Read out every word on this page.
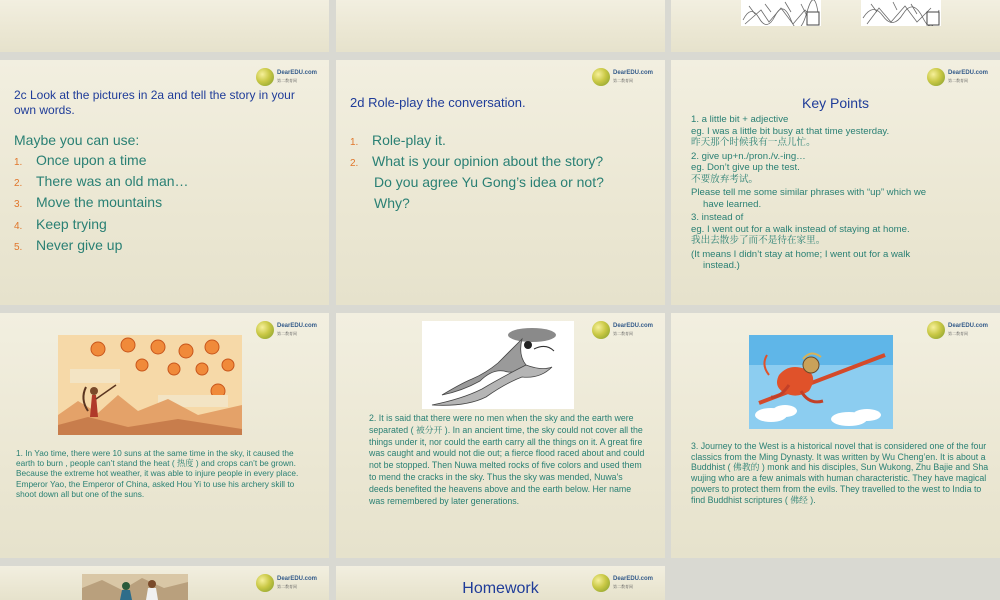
DearEDU.com
第二教育网
2c Look at the pictures in 2a and tell the story in your own words.
Maybe you can use:
1. Once upon a time
2. There was an old man…
3. Move the mountains
4. Keep trying
5. Never give up
DearEDU.com
第二教育网
2d Role-play the conversation.
1. Role-play it.
2. What is your opinion about the story?
Do you agree Yu Gong’s idea or not?
Why?
DearEDU.com
第二教育网
Key Points
1. a little bit + adjective
eg. I was a little bit busy at that time yesterday.
昨天那个时候我有一点儿忙。
2. give up+n./pron./v.-ing…
eg. Don’t give up the test.
不要放弃考试。
Please tell me some similar phrases with “up” which we
have learned.
3. instead of
eg. I went out for a walk instead of staying at home.
我出去散步了而不是待在家里。
(It means I didn’t stay at home; I went out for a walk
instead.)
DearEDU.com
第二教育网
1. In Yao time, there were 10 suns at the same time in the sky, it caused the earth to burn , people can’t stand the heat ( 热度 ) and crops can’t be grown. Because the extreme hot weather, it was able to injure people in every place. Emperor Yao, the Emperor of China, asked Hou Yi to use his archery skill to shoot down all but one of the suns.
DearEDU.com
第二教育网
2. It is said that there were no men when the sky and the earth were separated ( 被分开 ). In an ancient time, the sky could not cover all the things under it, nor could the earth carry all the things on it. A great fire was caught and would not die out; a fierce flood raced about and could not be stopped. Then Nuwa melted rocks of five colors and used them to mend the cracks in the sky. Thus the sky was mended, Nuwa's deeds benefited the heavens above and the earth below. Her name was remembered by later generations.
DearEDU.com
第二教育网
3. Journey to the West is a historical novel that is considered one of the four classics from the Ming Dynasty. It was written by Wu Cheng’en. It is about a Buddhist ( 佛教的 ) monk and his disciples, Sun Wukong, Zhu Bajie and Sha wujing who are a few animals with human characteristic. They have magical powers to protect them from the evils. They travelled to the west to India to find Buddhist scriptures ( 佛经 ).
DearEDU.com
第二教育网
DearEDU.com
第二教育网
Homework
